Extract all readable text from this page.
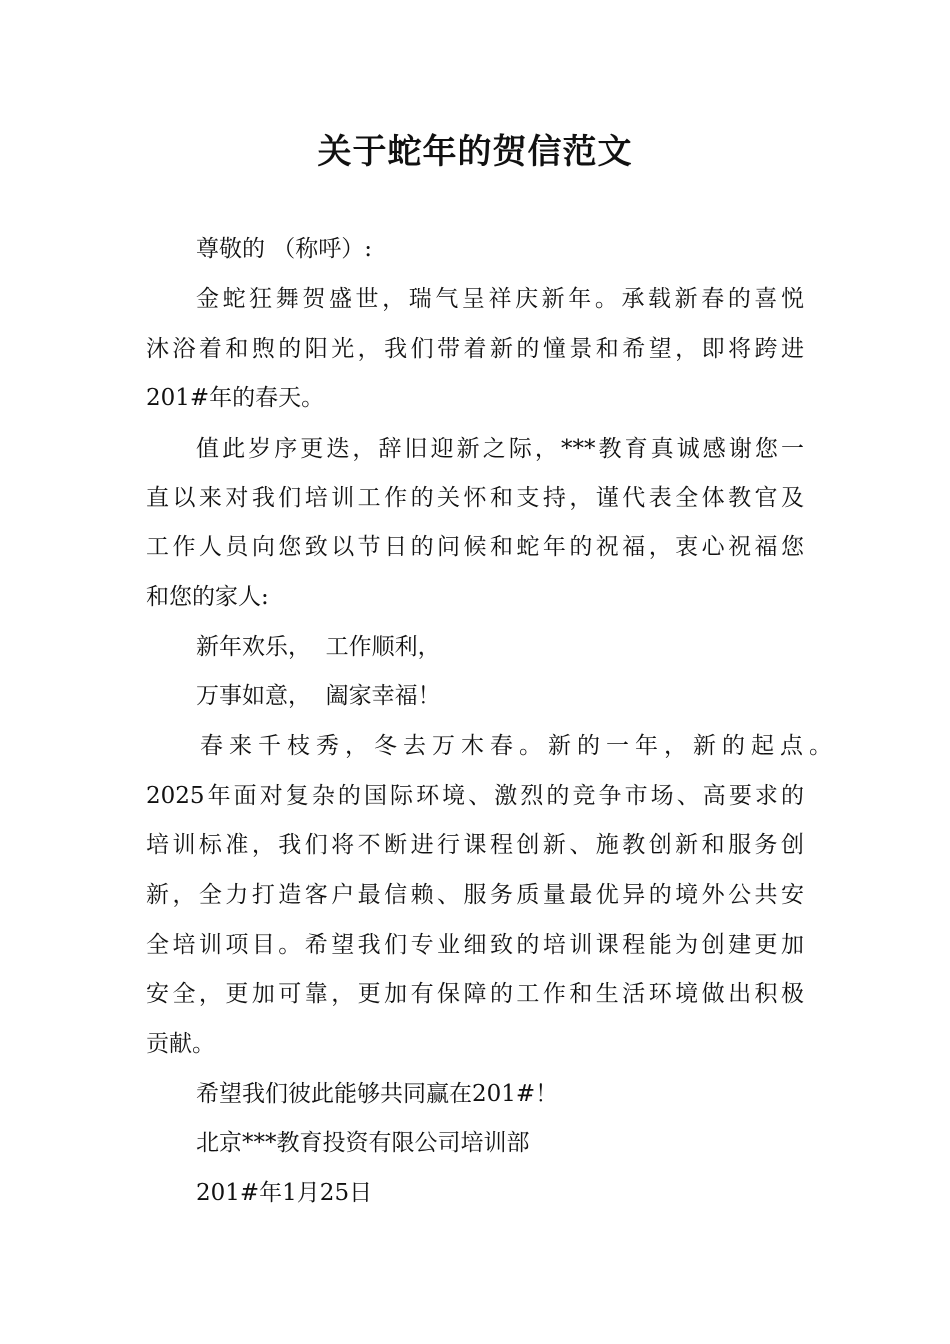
关于蛇年的贺信范文
尊敬的 （称呼）:
金蛇狂舞贺盛世，瑞气呈祥庆新年。承载新春的喜悦
沐浴着和煦的阳光，我们带着新的憧景和希望，即将跨进
201#年的春天。
值此岁序更迭，辞旧迎新之际，***教育真诚感谢您一
直以来对我们培训工作的关怀和支持，谨代表全体教官及
工作人员向您致以节日的问候和蛇年的祝福，衷心祝福您
和您的家人:
新年欢乐，  工作顺利，
万事如意，  阖家幸福！
春来千枝秀，冬去万木春。新的一年，新的起点。
2025年面对复杂的国际环境、激烈的竞争市场、高要求的
培训标准，我们将不断进行课程创新、施教创新和服务创
新，全力打造客户最信赖、服务质量最优异的境外公共安
全培训项目。希望我们专业细致的培训课程能为创建更加
安全，更加可靠，更加有保障的工作和生活环境做出积极
贡献。
希望我们彼此能够共同赢在201#！
北京***教育投资有限公司培训部
201#年1月25日
